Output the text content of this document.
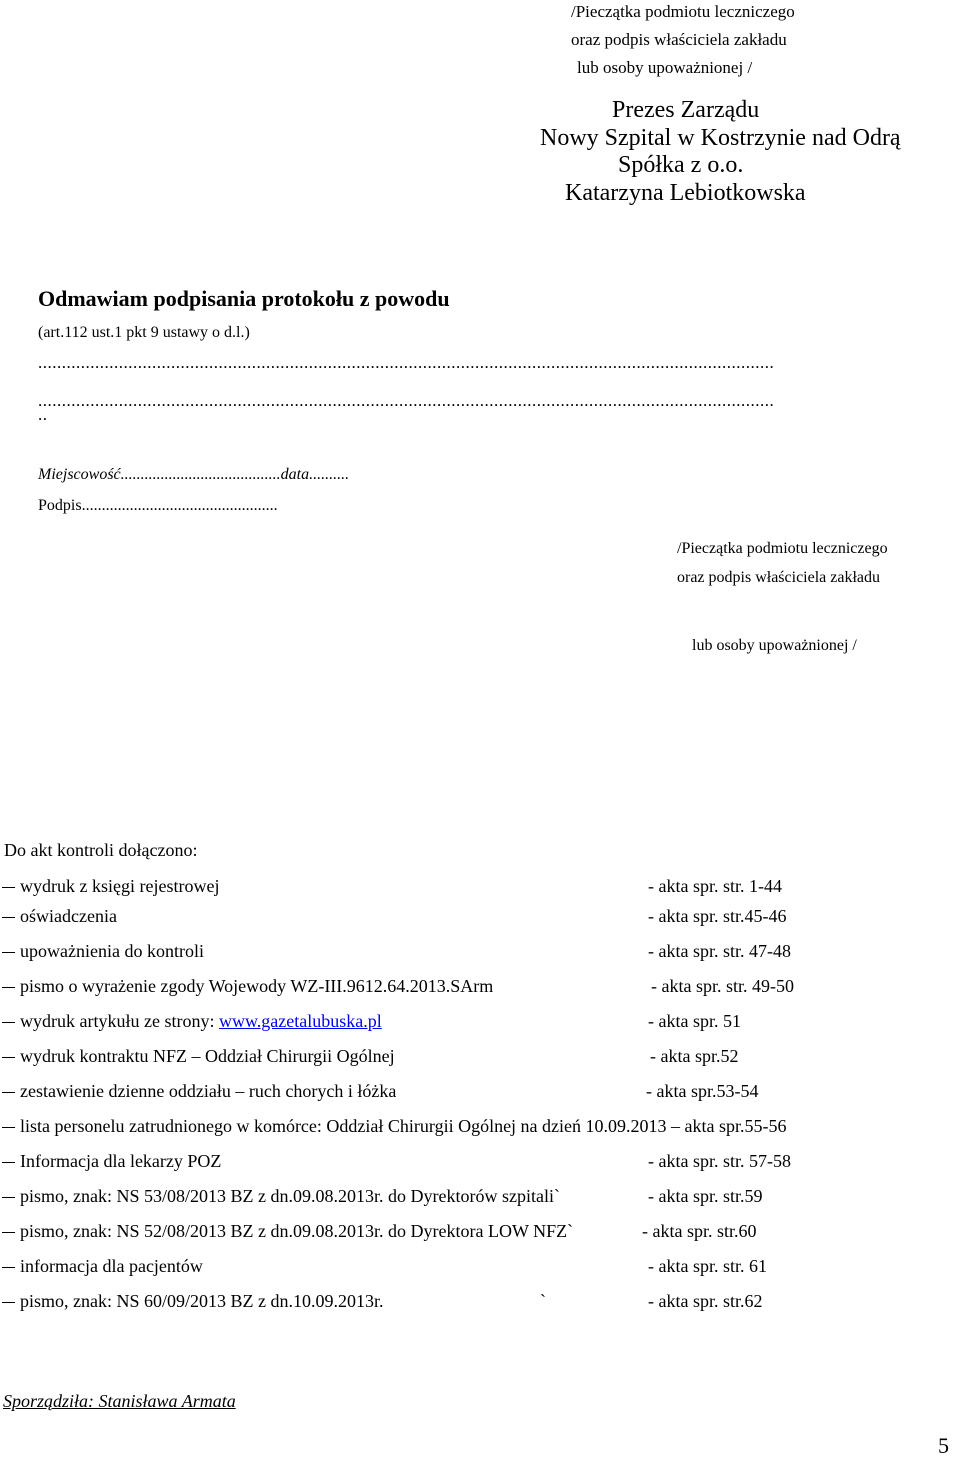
/Pieczątka podmiotu leczniczego
oraz podpis właściciela zakładu
lub osoby upoważnionej /
Prezes Zarządu
Nowy Szpital w Kostrzynie nad Odrą
Spółka z o.o.
Katarzyna Lebiotkowska
Odmawiam podpisania protokołu z powodu
(art.112 ust.1 pkt 9 ustawy o d.l.)
...........................................................................................................................................................
...........................................................................................................................................................
..
Miejscowość........................................data..........
Podpis.................................................
/Pieczątka podmiotu leczniczego
oraz podpis właściciela zakładu
lub osoby upoważnionej /
Do akt kontroli dołączono:
wydruk z księgi rejestrowej	- akta spr. str. 1-44
oświadczenia	- akta spr. str.45-46
upoważnienia do kontroli	- akta spr. str. 47-48
pismo o wyrażenie zgody Wojewody WZ-III.9612.64.2013.SArm	- akta spr. str. 49-50
wydruk artykułu ze strony: www.gazetalubuska.pl	- akta spr. 51
wydruk kontraktu NFZ – Oddział Chirurgii Ogólnej	- akta spr.52
zestawienie dzienne oddziału – ruch chorych i łóżka	- akta spr.53-54
lista personelu zatrudnionego w komórce: Oddział Chirurgii Ogólnej na dzień 10.09.2013 – akta spr.55-56
Informacja dla lekarzy POZ	- akta spr. str. 57-58
pismo, znak: NS 53/08/2013 BZ z dn.09.08.2013r. do Dyrektorów szpitali`	- akta spr. str.59
pismo, znak: NS 52/08/2013 BZ z dn.09.08.2013r. do Dyrektora LOW NFZ`	- akta spr. str.60
informacja dla pacjentów	- akta spr. str. 61
pismo, znak: NS 60/09/2013 BZ z dn.10.09.2013r.	`	- akta spr. str.62
Sporządziła: Stanisława Armata
5
